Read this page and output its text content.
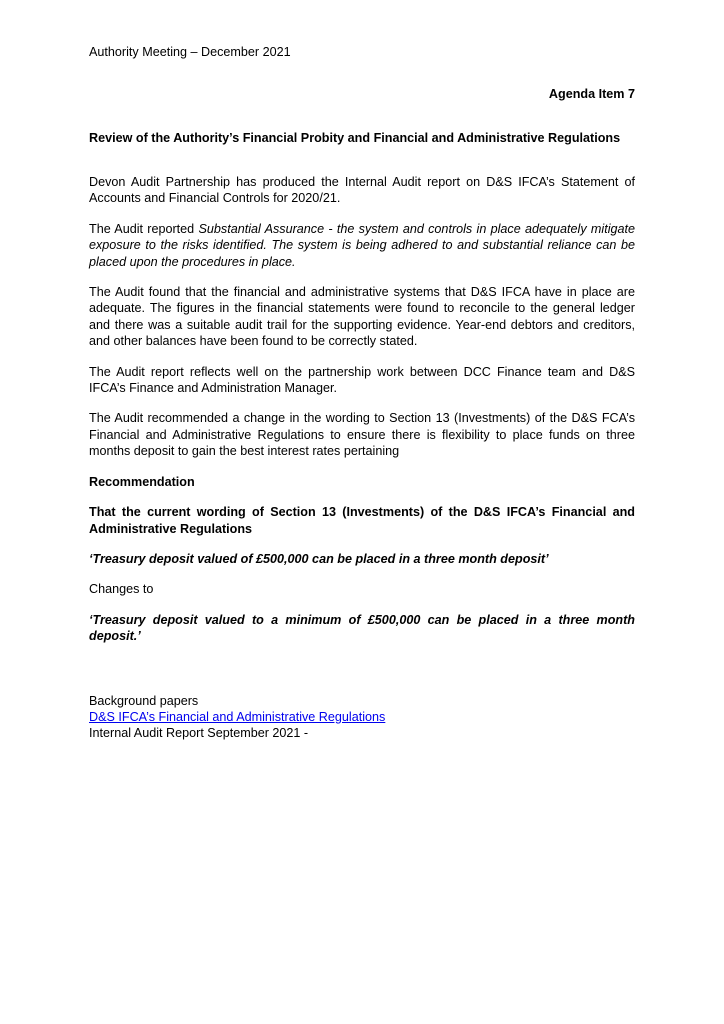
Authority Meeting – December 2021
Agenda Item 7
Review of the Authority’s Financial Probity and Financial and Administrative Regulations

Devon Audit Partnership has produced the Internal Audit report on D&S IFCA’s Statement of Accounts and Financial Controls for 2020/21.

The Audit reported Substantial Assurance - the system and controls in place adequately mitigate exposure to the risks identified. The system is being adhered to and substantial reliance can be placed upon the procedures in place.

The Audit found that the financial and administrative systems that D&S IFCA have in place are adequate. The figures in the financial statements were found to reconcile to the general ledger and there was a suitable audit trail for the supporting evidence. Year-end debtors and creditors, and other balances have been found to be correctly stated.

The Audit report reflects well on the partnership work between DCC Finance team and D&S IFCA’s Finance and Administration Manager.

The Audit recommended a change in the wording to Section 13 (Investments) of the D&S FCA’s Financial and Administrative Regulations to ensure there is flexibility to place funds on three months deposit to gain the best interest rates pertaining

Recommendation

That the current wording of Section 13 (Investments) of the D&S IFCA’s Financial and Administrative Regulations

‘Treasury deposit valued of £500,000 can be placed in a three month deposit’

Changes to

‘Treasury deposit valued to a minimum of £500,000 can be placed in a three month deposit.’

Background papers
D&S IFCA’s Financial and Administrative Regulations
Internal Audit Report September 2021 -
